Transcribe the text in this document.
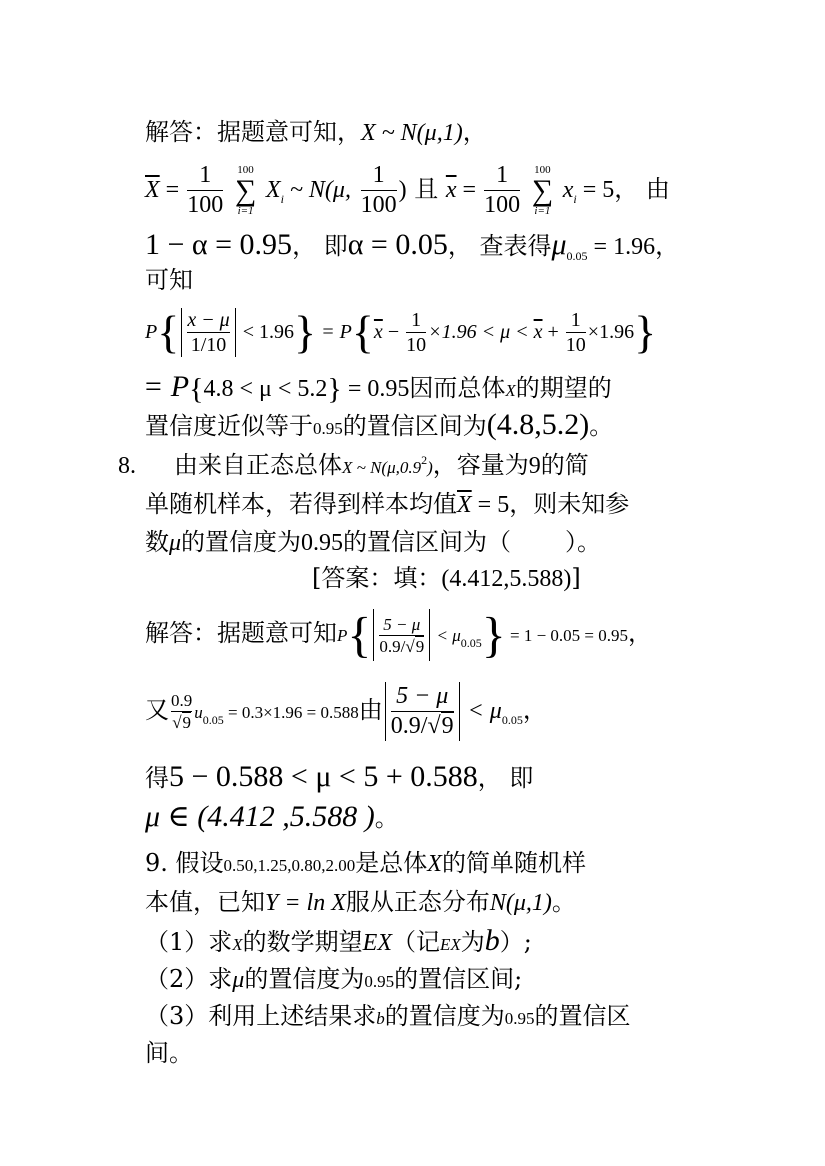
解答：据题意可知，X ~ N(μ,1)，
$\overline{X} = \frac{1}{100}$
100
∑
i=1
$X_i$ ~ N(μ, $\frac{1}{100}$ ) 且 $\overline{x} = \frac{1}{100}$
100
∑
i=1
$x_i = 5$， 由
1 − α = 0.95， 即α = 0.05， 查表得$\mu_{0.05} = 1.96$，
可知
$P\{ \frac{x - \mu}{1/10} < 1.96\} = P\{\overline{x} - \frac{1}{10} \times 1.96 < \mu < \overline{x} + \frac{1}{10} \times 1.96\}$
= P{4.8 < μ < 5.2} = 0.95因而总体X的期望的
置信度近似等于0.95的置信区间为(4.8,5.2)。
8. 由来自正态总体X ~ N(μ,0.9$^2$)，容量为9的简
单随机样本，若得到样本均值$\overline{X} = 5$，则未知参
数μ的置信度为0.95的置信区间为（ ）。
[答案：填：(4.412,5.588)]
解答：据题意可知$P\{ \frac{5 - \mu}{0.9/√9} < \mu_{0.05}\} = 1 - 0.05 = 0.95$，
又 $\frac{0.9}{√9} u_{0.05} = 0.3\times 1.96 = 0.588$由 $\frac{5 - \mu}{0.9/√9} < \mu_{0.05}$，
得5 − 0.588 < μ < 5 + 0.588， 即
μ ∈ (4.412 ,5.588 )。
9. 假设0.50,1.25,0.80,2.00是总体X的简单随机样
本值，已知Y = ln X服从正态分布N(μ,1)。
（1）求X的数学期望EX（记EX为b）;
（2）求μ的置信度为0.95的置信区间;
（3）利用上述结果求b的置信度为0.95的置信区
间。
